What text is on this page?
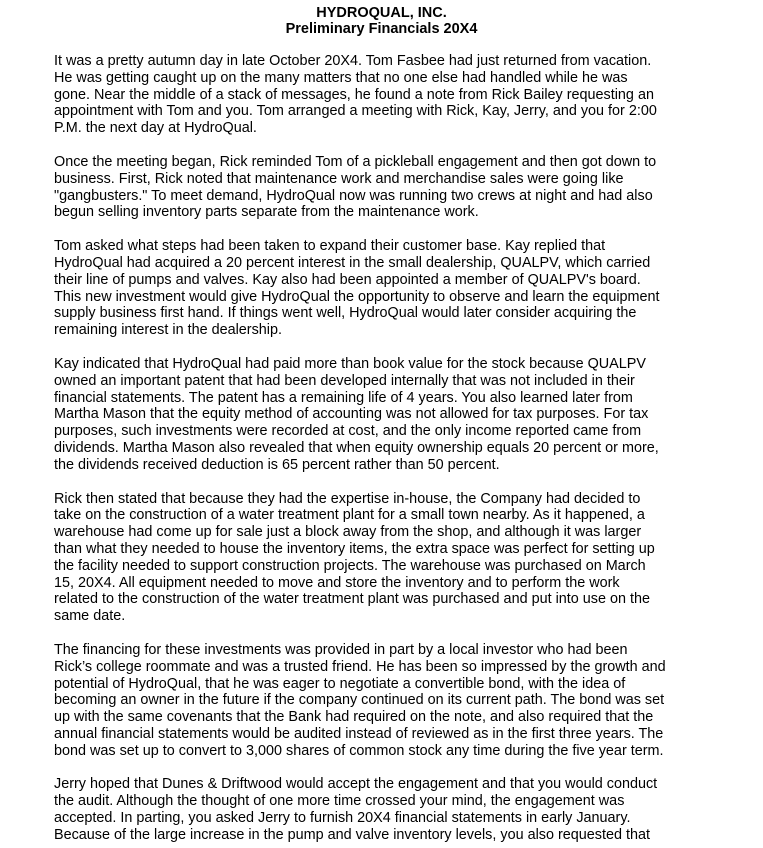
HYDROQUAL, INC.
Preliminary Financials 20X4
It was a pretty autumn day in late October 20X4. Tom Fasbee had just returned from vacation.
He was getting caught up on the many matters that no one else had handled while he was
gone. Near the middle of a stack of messages, he found a note from Rick Bailey requesting an
appointment with Tom and you. Tom arranged a meeting with Rick, Kay, Jerry, and you for 2:00
P.M. the next day at HydroQual.
Once the meeting began, Rick reminded Tom of a pickleball engagement and then got down to
business. First, Rick noted that maintenance work and merchandise sales were going like
"gangbusters." To meet demand, HydroQual now was running two crews at night and had also
begun selling inventory parts separate from the maintenance work.
Tom asked what steps had been taken to expand their customer base. Kay replied that
HydroQual had acquired a 20 percent interest in the small dealership, QUALPV, which carried
their line of pumps and valves. Kay also had been appointed a member of QUALPV's board.
This new investment would give HydroQual the opportunity to observe and learn the equipment
supply business first hand. If things went well, HydroQual would later consider acquiring the
remaining interest in the dealership.
Kay indicated that HydroQual had paid more than book value for the stock because QUALPV
owned an important patent that had been developed internally that was not included in their
financial statements. The patent has a remaining life of 4 years. You also learned later from
Martha Mason that the equity method of accounting was not allowed for tax purposes. For tax
purposes, such investments were recorded at cost, and the only income reported came from
dividends. Martha Mason also revealed that when equity ownership equals 20 percent or more,
the dividends received deduction is 65 percent rather than 50 percent.
Rick then stated that because they had the expertise in-house, the Company had decided to
take on the construction of a water treatment plant for a small town nearby. As it happened, a
warehouse had come up for sale just a block away from the shop, and although it was larger
than what they needed to house the inventory items, the extra space was perfect for setting up
the facility needed to support construction projects. The warehouse was purchased on March
15, 20X4. All equipment needed to move and store the inventory and to perform the work
related to the construction of the water treatment plant was purchased and put into use on the
same date.
The financing for these investments was provided in part by a local investor who had been
Rick’s college roommate and was a trusted friend. He has been so impressed by the growth and
potential of HydroQual, that he was eager to negotiate a convertible bond, with the idea of
becoming an owner in the future if the company continued on its current path. The bond was set
up with the same covenants that the Bank had required on the note, and also required that the
annual financial statements would be audited instead of reviewed as in the first three years. The
bond was set up to convert to 3,000 shares of common stock any time during the five year term.
Jerry hoped that Dunes & Driftwood would accept the engagement and that you would conduct
the audit. Although the thought of one more time crossed your mind, the engagement was
accepted. In parting, you asked Jerry to furnish 20X4 financial statements in early January.
Because of the large increase in the pump and valve inventory levels, you also requested that
